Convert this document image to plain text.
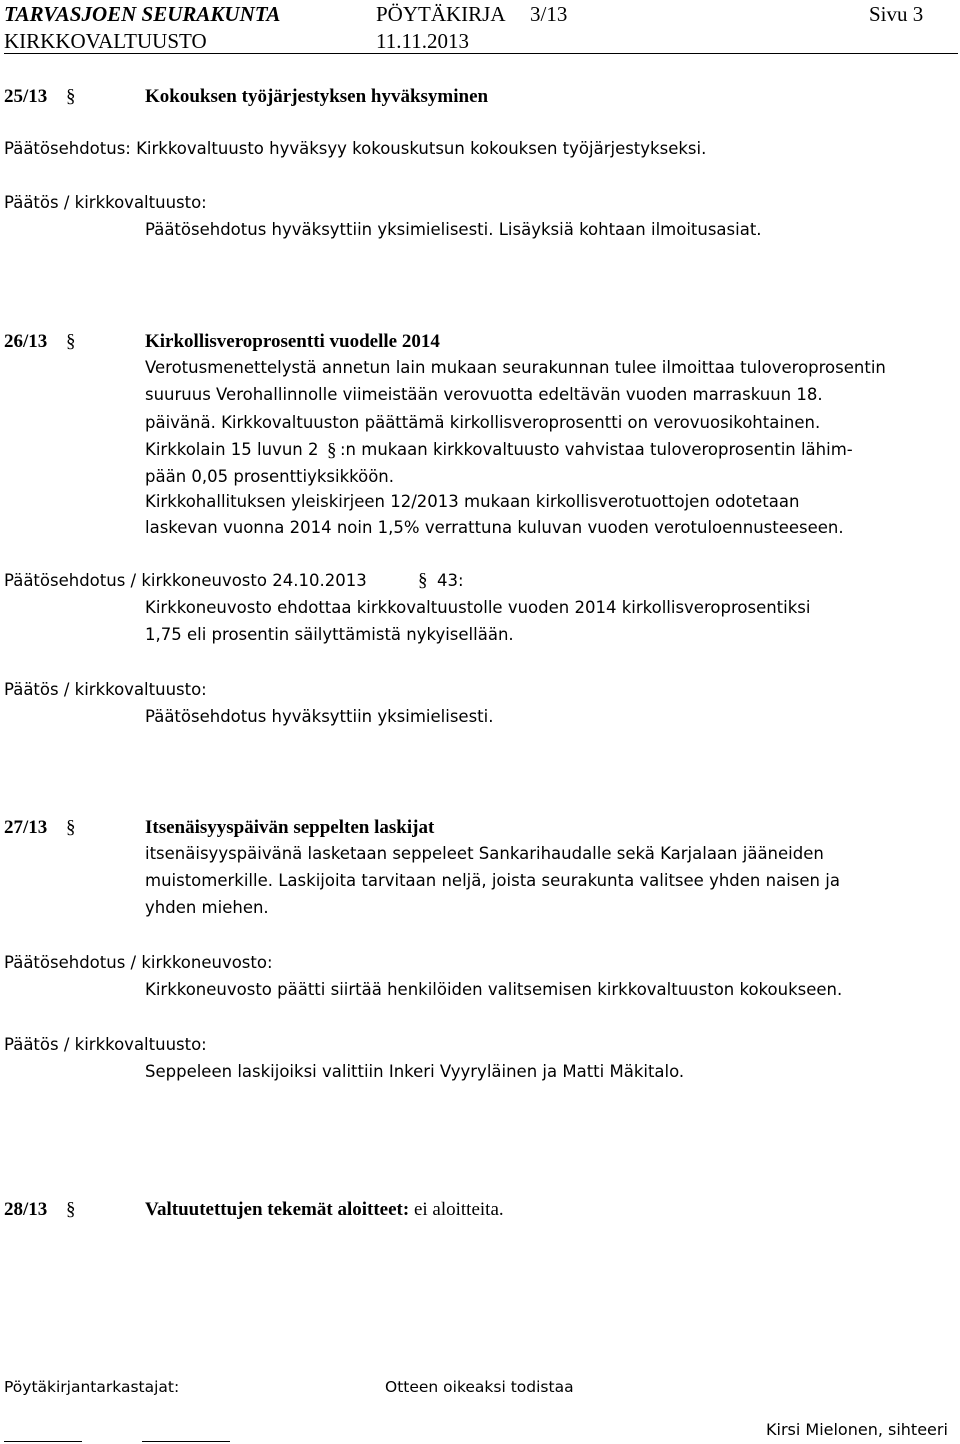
TARVASJOEN SEURAKUNTA	PÖYTÄKIRJA 3/13	Sivu 3
KIRKKOVALTUUSTO	11.11.2013
25/13 §	Kokouksen työjärjestyksen hyväksyminen
Päätösehdotus: Kirkkovaltuusto hyväksyy kokouskutsun kokouksen työjärjestykseksi.
Päätös / kirkkovaltuusto:
Päätösehdotus hyväksyttiin yksimielisesti. Lisäyksiä kohtaan ilmoitusasiat.
26/13 §	Kirkollisveroprosentti vuodelle 2014
Verotusmenettelystä annetun lain mukaan seurakunnan tulee ilmoittaa tuloveroprosentin
suuruus Verohallinnolle viimeistään verovuotta edeltävän vuoden marraskuun 18.
päivänä. Kirkkovaltuuston päättämä kirkollisveroprosentti on verovuosikohtainen.
Kirkkolain 15 luvun 2 § :n mukaan kirkkovaltuusto vahvistaa tuloveroprosentin lähim-
pään 0,05 prosenttiyksikköön.
Kirkkohallituksen yleiskirjeen 12/2013 mukaan kirkollisverotuottojen odotetaan
laskevan vuonna 2014 noin 1,5% verrattuna kuluvan vuoden verotuloennusteeseen.
Päätösehdotus / kirkkoneuvosto 24.10.2013	§ 43:
Kirkkoneuvosto ehdottaa kirkkovaltuustolle vuoden 2014 kirkollisveroprosentiksi
1,75 eli prosentin säilyttämistä nykyisellään.
Päätös / kirkkovaltuusto:
Päätösehdotus hyväksyttiin yksimielisesti.
27/13 §	Itsenäisyyspäivän seppelten laskijat
itsenäisyyspäivänä lasketaan seppeleet Sankarihaudalle sekä Karjalaan jääneiden
muistomerkille. Laskijoita tarvitaan neljä, joista seurakunta valitsee yhden naisen ja
yhden miehen.
Päätösehdotus / kirkkoneuvosto:
Kirkkoneuvosto päätti siirtää henkilöiden valitsemisen kirkkovaltuuston kokoukseen.
Päätös / kirkkovaltuusto:
Seppeleen laskijoiksi valittiin Inkeri Vyyryläinen ja Matti Mäkitalo.
28/13 §	Valtuutettujen tekemät aloitteet: ei aloitteita.
Pöytäkirjantarkastajat:	Otteen oikeaksi todistaa
Kirsi Mielonen, sihteeri
